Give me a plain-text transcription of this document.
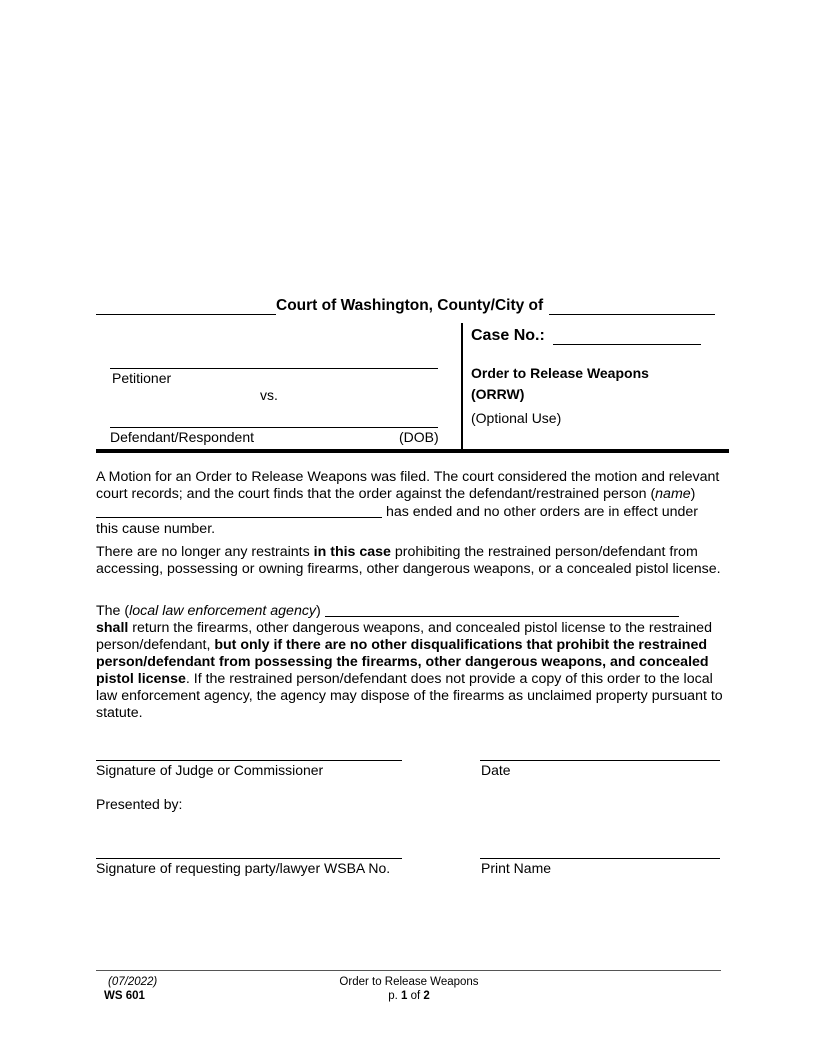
Court of Washington, County/City of
Petitioner
vs.
Defendant/Respondent	(DOB)
Case No.:
Order to Release Weapons
(ORRW)
(Optional Use)
A Motion for an Order to Release Weapons was filed. The court considered the motion and relevant court records; and the court finds that the order against the defendant/restrained person (name)  has ended and no other orders are in effect under this cause number.
There are no longer any restraints in this case prohibiting the restrained person/defendant from accessing, possessing or owning firearms, other dangerous weapons, or a concealed pistol license.
The (local law enforcement agency)
shall return the firearms, other dangerous weapons, and concealed pistol license to the restrained person/defendant, but only if there are no other disqualifications that prohibit the restrained person/defendant from possessing the firearms, other dangerous weapons, and concealed pistol license. If the restrained person/defendant does not provide a copy of this order to the local law enforcement agency, the agency may dispose of the firearms as unclaimed property pursuant to statute.
Signature of Judge or Commissioner	Date
Presented by:
Signature of requesting party/lawyer WSBA No.	Print Name
(07/2022)
WS 601
Order to Release Weapons
p. 1 of 2
